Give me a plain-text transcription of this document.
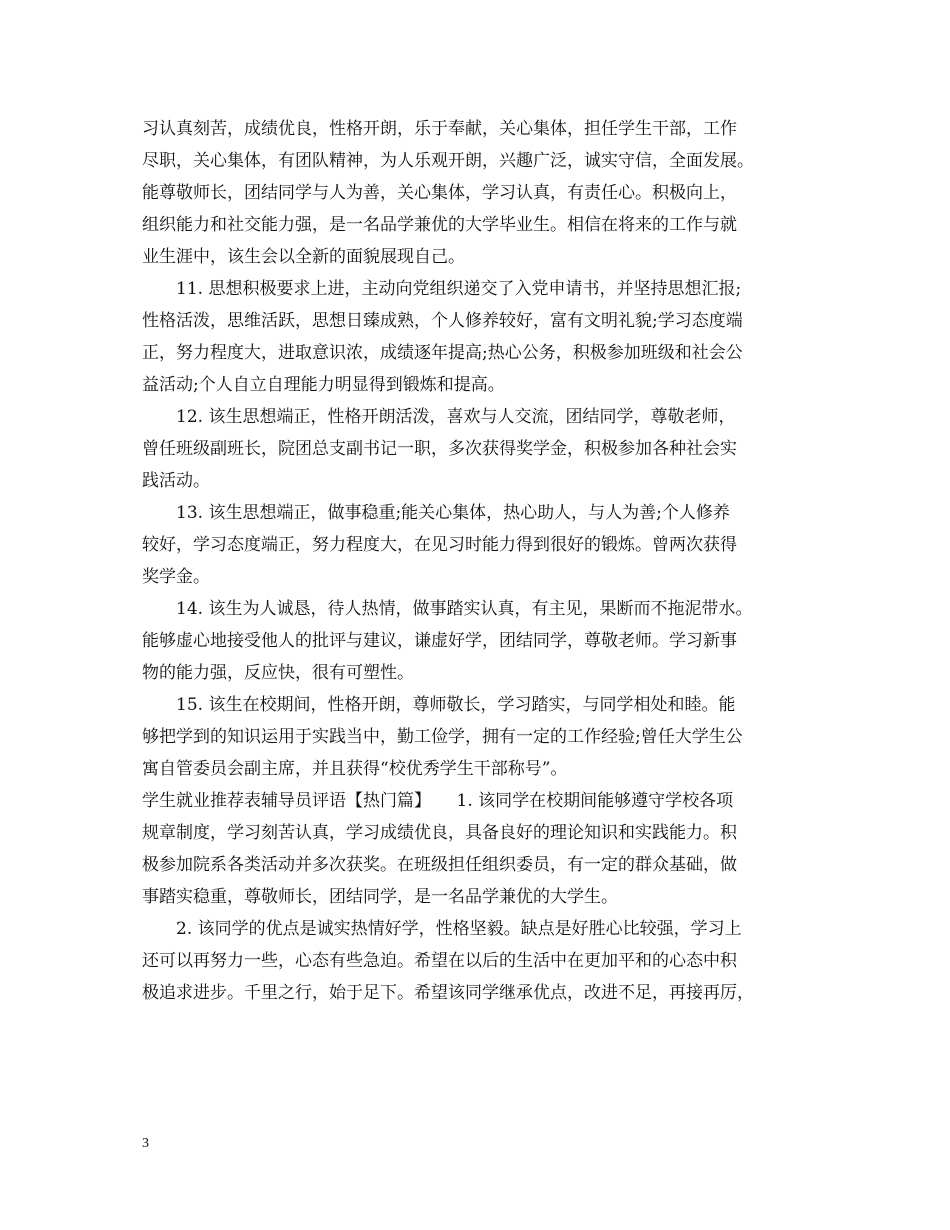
习认真刻苦，成绩优良，性格开朗，乐于奉献，关心集体，担任学生干部，工作
尽职，关心集体，有团队精神，为人乐观开朗，兴趣广泛，诚实守信，全面发展。
能尊敬师长，团结同学与人为善，关心集体，学习认真，有责任心。积极向上，
组织能力和社交能力强，是一名品学兼优的大学毕业生。相信在将来的工作与就
业生涯中，该生会以全新的面貌展现自己。
11. 思想积极要求上进，主动向党组织递交了入党申请书，并坚持思想汇报;
性格活泼，思维活跃，思想日臻成熟，个人修养较好，富有文明礼貌;学习态度端
正，努力程度大，进取意识浓，成绩逐年提高;热心公务，积极参加班级和社会公
益活动;个人自立自理能力明显得到锻炼和提高。
12. 该生思想端正，性格开朗活泼，喜欢与人交流，团结同学，尊敬老师，
曾任班级副班长，院团总支副书记一职，多次获得奖学金，积极参加各种社会实
践活动。
13. 该生思想端正，做事稳重;能关心集体，热心助人，与人为善;个人修养
较好，学习态度端正，努力程度大，在见习时能力得到很好的锻炼。曾两次获得
奖学金。
14. 该生为人诚恳，待人热情，做事踏实认真，有主见，果断而不拖泥带水。
能够虚心地接受他人的批评与建议，谦虚好学，团结同学，尊敬老师。学习新事
物的能力强，反应快，很有可塑性。
15. 该生在校期间，性格开朗，尊师敬长，学习踏实，与同学相处和睦。能
够把学到的知识运用于实践当中，勤工俭学，拥有一定的工作经验;曾任大学生公
寓自管委员会副主席，并且获得“校优秀学生干部称号”。
学生就业推荐表辅导员评语【热门篇】　　1. 该同学在校期间能够遵守学校各项
规章制度，学习刻苦认真，学习成绩优良，具备良好的理论知识和实践能力。积
极参加院系各类活动并多次获奖。在班级担任组织委员，有一定的群众基础，做
事踏实稳重，尊敬师长，团结同学，是一名品学兼优的大学生。
2. 该同学的优点是诚实热情好学，性格坚毅。缺点是好胜心比较强，学习上
还可以再努力一些，心态有些急迫。希望在以后的生活中在更加平和的心态中积
极追求进步。千里之行，始于足下。希望该同学继承优点，改进不足，再接再厉，
3
